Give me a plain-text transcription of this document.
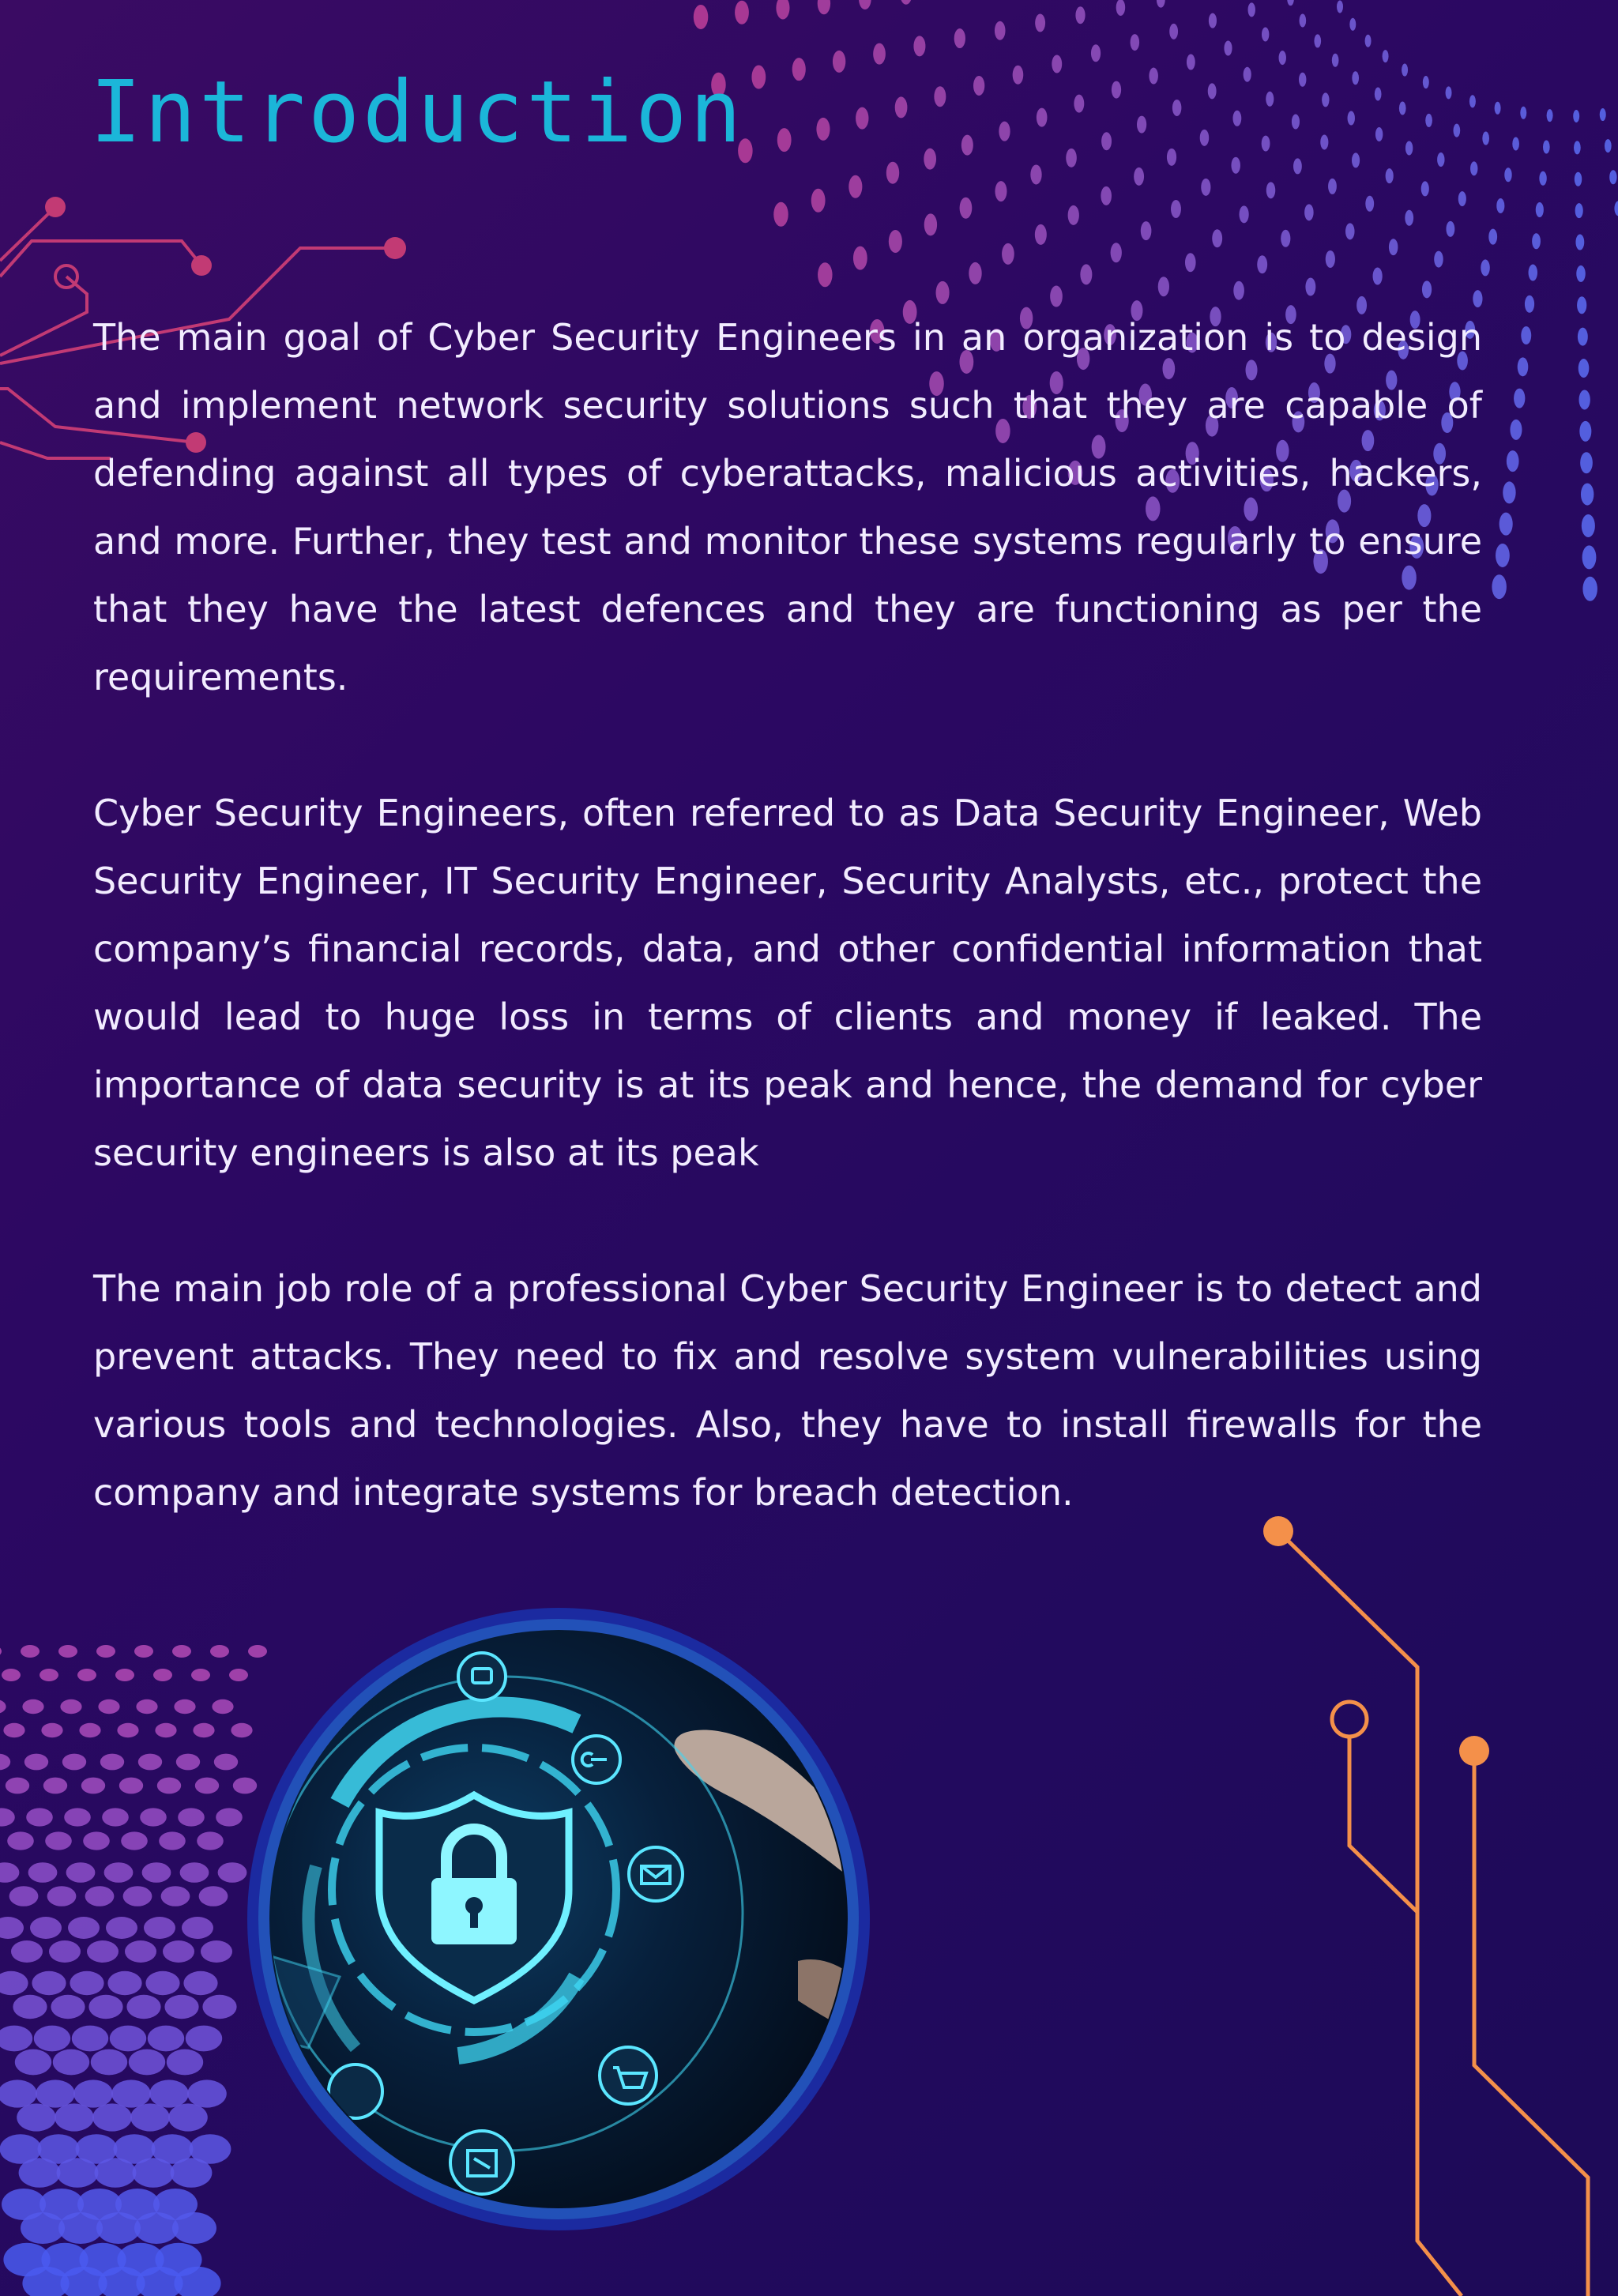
Introduction

The main goal of Cyber Security Engineers in an organization is to design and implement network security solutions such that they are capable of defending against all types of cyberattacks, malicious activities, hackers, and more. Further, they test and monitor these systems regularly to ensure that they have the latest defences and they are functioning as per the requirements.

Cyber Security Engineers, often referred to as Data Security Engineer, Web Security Engineer, IT Security Engineer, Security Analysts, etc., protect the company’s financial records, data, and other confidential information that would lead to huge loss in terms of clients and money if leaked. The importance of data security is at its peak and hence, the demand for cyber security engineers is also at its peak

The main job role of a professional Cyber Security Engineer is to detect and prevent attacks. They need to fix and resolve system vulnerabilities using various tools and technologies. Also, they have to install firewalls for the company and integrate systems for breach detection.
